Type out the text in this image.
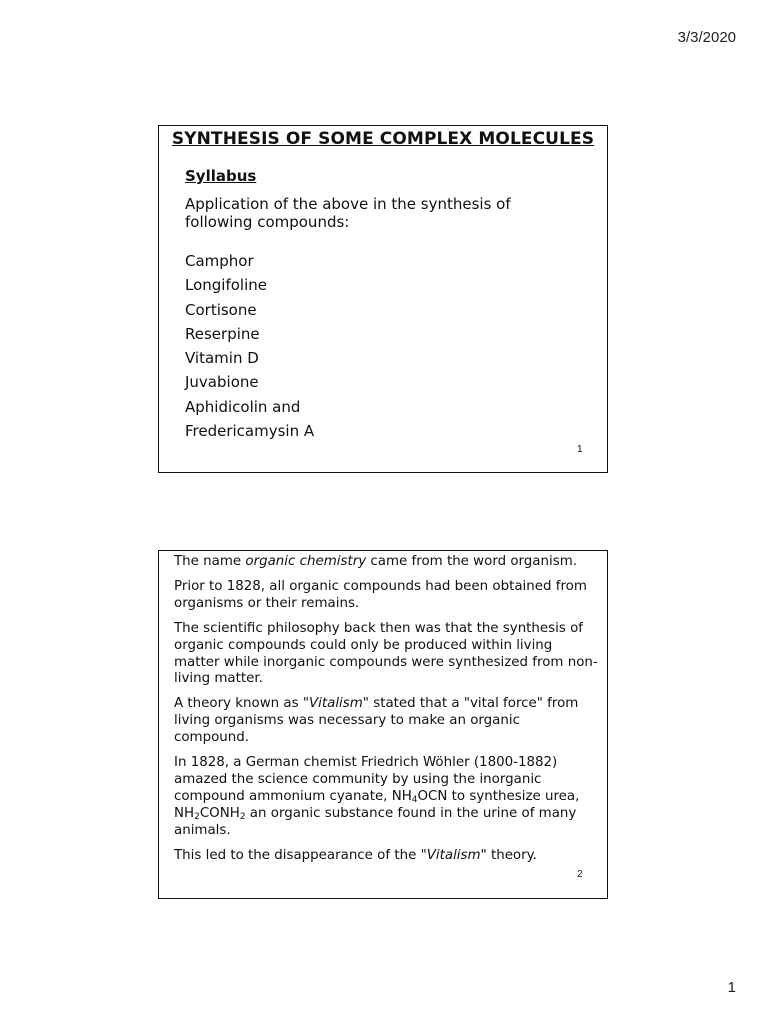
3/3/2020
SYNTHESIS OF SOME COMPLEX MOLECULES
Syllabus
Application of the above in the synthesis of following compounds:
Camphor
Longifoline
Cortisone
Reserpine
Vitamin D
Juvabione
Aphidicolin and
Fredericamysin A
1

The name organic chemistry came from the word organism.

Prior to 1828, all organic compounds had been obtained from organisms or their remains.

The scientific philosophy back then was that the synthesis of organic compounds could only be produced within living matter while inorganic compounds were synthesized from non-living matter.

A theory known as "Vitalism" stated that a "vital force" from living organisms was necessary to make an organic compound.

In 1828, a German chemist Friedrich Wöhler (1800-1882) amazed the science community by using the inorganic compound ammonium cyanate, $NH_4OCN$ to synthesize urea, $NH_2CONH_2$ an organic substance found in the urine of many animals.

This led to the disappearance of the "Vitalism" theory.

2
1
